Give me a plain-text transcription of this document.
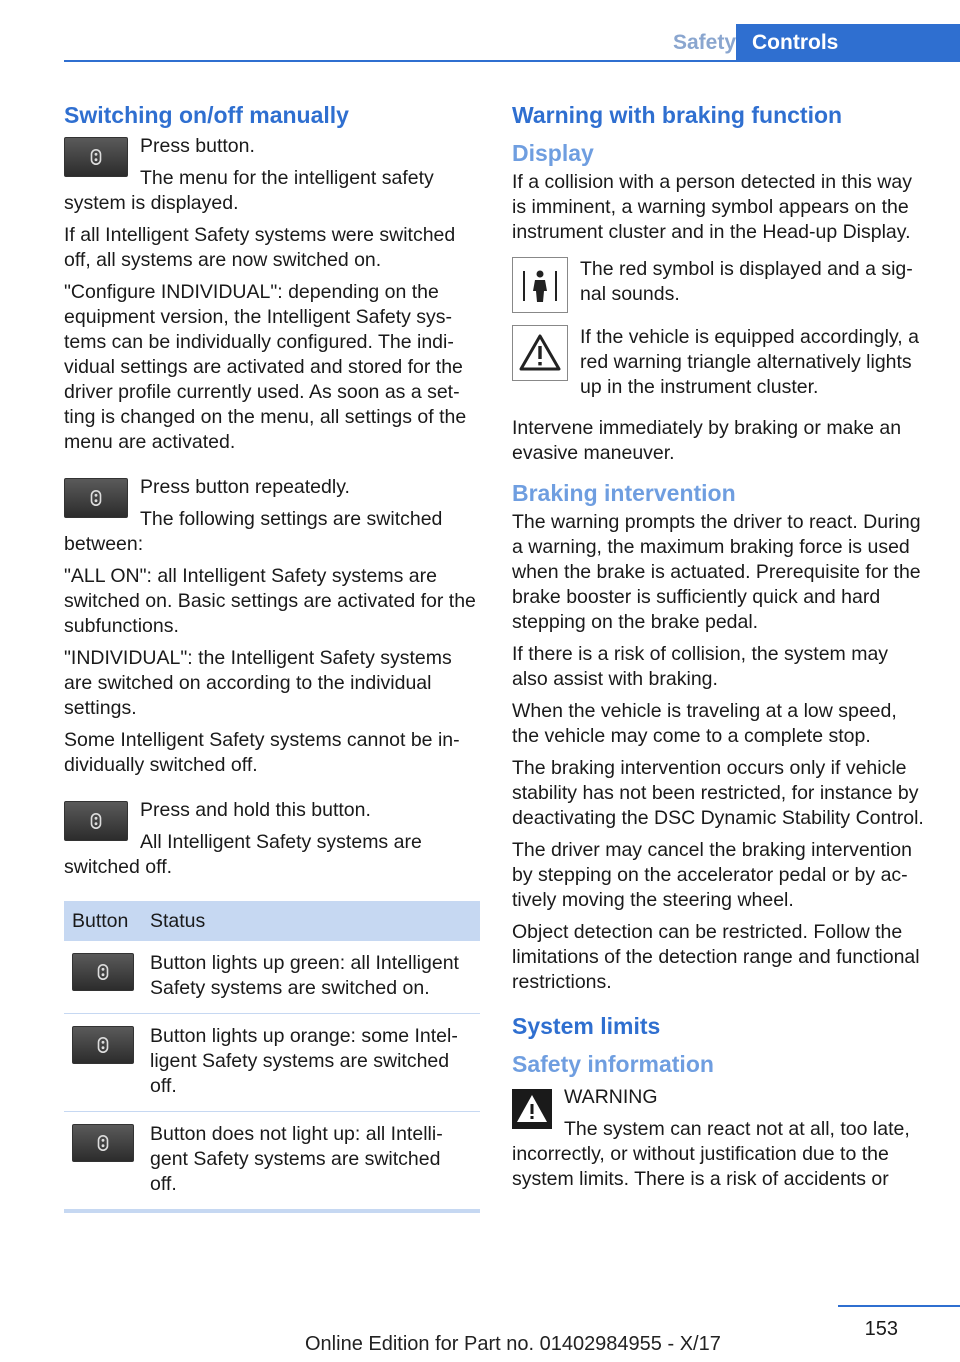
Safety Controls
Switching on/off manually

Press button.

The menu for the intelligent safety system is displayed.

If all Intelligent Safety systems were switched off, all systems are now switched on.

"Configure INDIVIDUAL": depending on the equipment version, the Intelligent Safety systems can be individually configured. The individual settings are activated and stored for the driver profile currently used. As soon as a setting is changed on the menu, all settings of the menu are activated.

Press button repeatedly.

The following settings are switched between:

"ALL ON": all Intelligent Safety systems are switched on. Basic settings are activated for the subfunctions.

"INDIVIDUAL": the Intelligent Safety systems are switched on according to the individual settings.

Some Intelligent Safety systems cannot be individually switched off.

Press and hold this button.

All Intelligent Safety systems are switched off.

Button	Status

	Button lights up green: all Intelligent Safety systems are switched on.

	Button lights up orange: some Intelligent Safety systems are switched off.

	Button does not light up: all Intelligent Safety systems are switched off.
Warning with braking function
Display

If a collision with a person detected in this way is imminent, a warning symbol appears on the instrument cluster and in the Head-up Display.

The red symbol is displayed and a signal sounds.

If the vehicle is equipped accordingly, a red warning triangle alternatively lights up in the instrument cluster.

Intervene immediately by braking or make an evasive maneuver.

Braking intervention

The warning prompts the driver to react. During a warning, the maximum braking force is used when the brake is actuated. Prerequisite for the brake booster is sufficiently quick and hard stepping on the brake pedal.

If there is a risk of collision, the system may also assist with braking.

When the vehicle is traveling at a low speed, the vehicle may come to a complete stop.

The braking intervention occurs only if vehicle stability has not been restricted, for instance by deactivating the DSC Dynamic Stability Control.

The driver may cancel the braking intervention by stepping on the accelerator pedal or by actively moving the steering wheel.

Object detection can be restricted. Follow the limitations of the detection range and functional restrictions.

System limits
Safety information

WARNING

The system can react not at all, too late, incorrectly, or without justification due to the system limits. There is a risk of accidents or

153
Online Edition for Part no. 01402984955 - X/17
